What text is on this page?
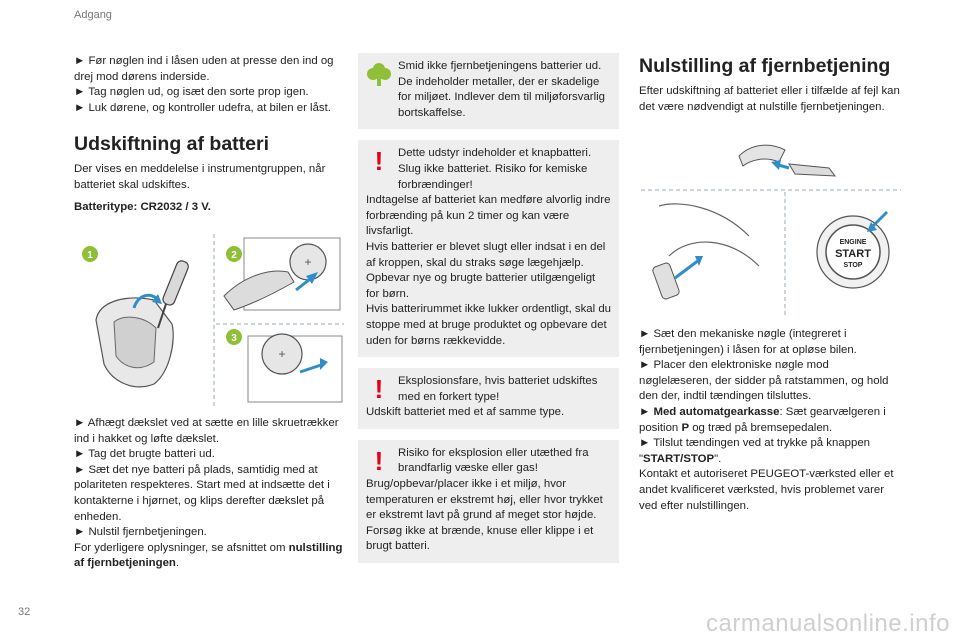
Adgang

► Før nøglen ind i låsen uden at presse den ind og drej mod dørens inderside.

► Tag nøglen ud, og isæt den sorte prop igen.

► Luk dørene, og kontroller udefra, at bilen er låst.

Udskiftning af batteri

Der vises en meddelelse i instrumentgruppen, når batteriet skal udskiftes.

Batteritype: CR2032 / 3 V.

1	+
2
+
3

► Afhægt dækslet ved at sætte en lille skruetrækker ind i hakket og løfte dækslet.

► Tag det brugte batteri ud.

► Sæt det nye batteri på plads, samtidig med at polariteten respekteres. Start med at indsætte det i kontakterne i hjørnet, og klips derefter dækslet på enheden.

► Nulstil fjernbetjeningen.

For yderligere oplysninger, se afsnittet om nulstilling af fjernbetjeningen.

Smid ikke fjernbetjeningens batterier ud. De indeholder metaller, der er skadelige for miljøet. Indlever dem til miljøforsvarlig bortskaffelse.
!	Dette udstyr indeholder et knapbatteri. Slug ikke batteriet. Risiko for kemiske forbrændinger!
Indtagelse af batteriet kan medføre alvorlig indre forbrænding på kun 2 timer og kan være livsfarligt.
Hvis batterier er blevet slugt eller indsat i en del af kroppen, skal du straks søge lægehjælp.
Opbevar nye og brugte batterier utilgængeligt for børn.
Hvis batterirummet ikke lukker ordentligt, skal du stoppe med at bruge produktet og opbevare det uden for børns rækkevidde.
!	Eksplosionsfare, hvis batteriet udskiftes med en forkert type!
Udskift batteriet med et af samme type.
!	Risiko for eksplosion eller utæthed fra brandfarlig væske eller gas!
Brug/opbevar/placer ikke i et miljø, hvor temperaturen er ekstremt høj, eller hvor trykket er ekstremt lavt på grund af meget stor højde.
Forsøg ikke at brænde, knuse eller klippe i et brugt batteri.

Nulstilling af fjernbetjening

Efter udskiftning af batteriet eller i tilfælde af fejl kan det være nødvendigt at nulstille fjernbetjeningen.

ENGINE
START
STOP

► Sæt den mekaniske nøgle (integreret i fjernbetjeningen) i låsen for at opløse bilen.

► Placer den elektroniske nøgle mod nøglelæseren, der sidder på ratstammen, og hold den der, indtil tændingen tilsluttes.

► Med automatgearkasse: Sæt gearvælgeren i position P og træd på bremsepedalen.

► Tilslut tændingen ved at trykke på knappen "START/STOP".

Kontakt et autoriseret PEUGEOT-værksted eller et andet kvalificeret værksted, hvis problemet varer ved efter nulstillingen.

32	carmanualsonline.info
